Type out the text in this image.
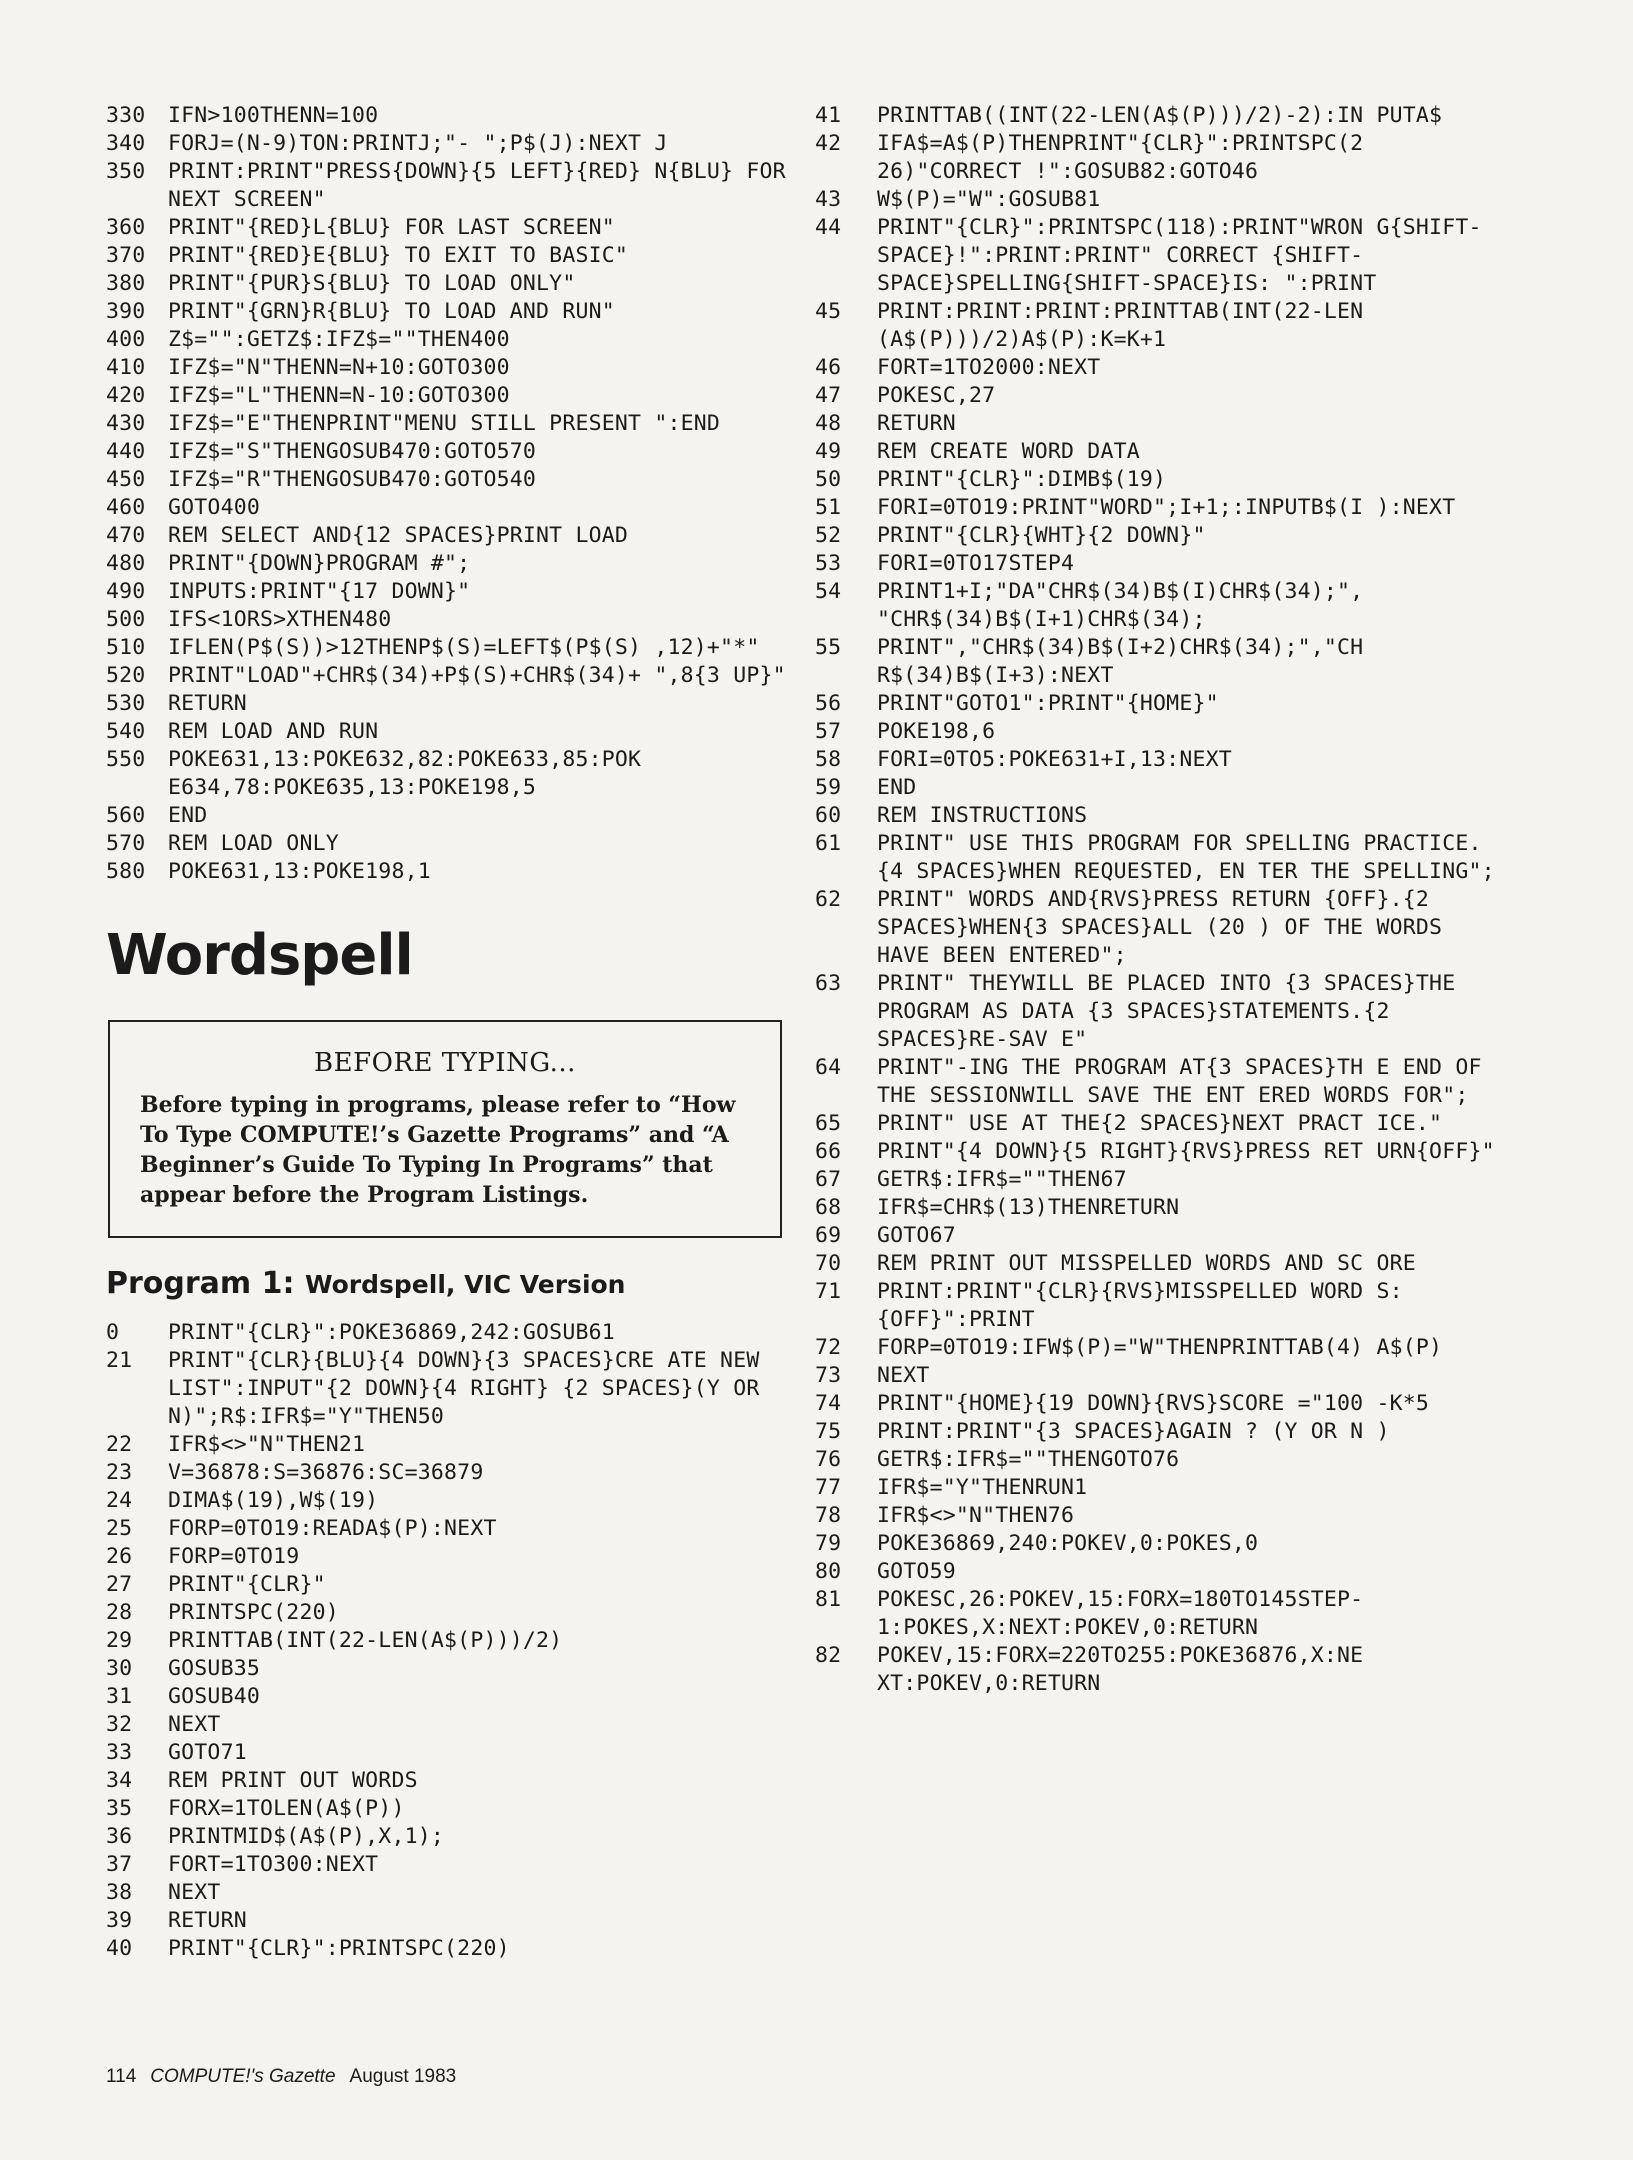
330 IFN>100THENN=100
340 FORJ=(N-9)TON:PRINTJ;"- ";P$(J):NEXT J
350 PRINT:PRINT"PRESS{DOWN}{5 LEFT}{RED} N{BLU} FOR NEXT SCREEN"
360 PRINT"{RED}L{BLU} FOR LAST SCREEN"
370 PRINT"{RED}E{BLU} TO EXIT TO BASIC"
380 PRINT"{PUR}S{BLU} TO LOAD ONLY"
390 PRINT"{GRN}R{BLU} TO LOAD AND RUN"
400 Z$="":GETZ$:IFZ$=""THEN400
410 IFZ$="N"THENN=N+10:GOTO300
420 IFZ$="L"THENN=N-10:GOTO300
430 IFZ$="E"THENPRINT"MENU STILL PRESENT ":END
440 IFZ$="S"THENGOSUB470:GOTO570
450 IFZ$="R"THENGOSUB470:GOTO540
460 GOTO400
470 REM SELECT AND{12 SPACES}PRINT LOAD
480 PRINT"{DOWN}PROGRAM #";
490 INPUTS:PRINT"{17 DOWN}"
500 IFS<1ORS>XTHEN480
510 IFLEN(P$(S))>12THENP$(S)=LEFT$(P$(S) ,12)+"*"
520 PRINT"LOAD"+CHR$(34)+P$(S)+CHR$(34)+ ",8{3 UP}"
530 RETURN
540 REM LOAD AND RUN
550 POKE631,13:POKE632,82:POKE633,85:POK E634,78:POKE635,13:POKE198,5
560 END
570 REM LOAD ONLY
580 POKE631,13:POKE198,1
Wordspell
BEFORE TYPING...
Before typing in programs, please refer to “How To Type COMPUTE!’s Gazette Programs” and “A Beginner’s Guide To Typing In Programs” that appear before the Program Listings.
Program 1: Wordspell, VIC Version
0 PRINT"{CLR}":POKE36869,242:GOSUB61
21 PRINT"{CLR}{BLU}{4 DOWN}{3 SPACES}CRE ATE NEW LIST":INPUT"{2 DOWN}{4 RIGHT} {2 SPACES}(Y OR N)";R$:IFR$="Y"THEN50
22 IFR$<>"N"THEN21
23 V=36878:S=36876:SC=36879
24 DIMA$(19),W$(19)
25 FORP=0TO19:READA$(P):NEXT
26 FORP=0TO19
27 PRINT"{CLR}"
28 PRINTSPC(220)
29 PRINTTAB(INT(22-LEN(A$(P)))/2)
30 GOSUB35
31 GOSUB40
32 NEXT
33 GOTO71
34 REM PRINT OUT WORDS
35 FORX=1TOLEN(A$(P))
36 PRINTMID$(A$(P),X,1);
37 FORT=1TO300:NEXT
38 NEXT
39 RETURN
40 PRINT"{CLR}":PRINTSPC(220)
41 PRINTTAB((INT(22-LEN(A$(P)))/2)-2):IN PUTA$
42 IFA$=A$(P)THENPRINT"{CLR}":PRINTSPC(2 26)"CORRECT !":GOSUB82:GOTO46
43 W$(P)="W":GOSUB81
44 PRINT"{CLR}":PRINTSPC(118):PRINT"WRON G{SHIFT-SPACE}!":PRINT:PRINT" CORRECT {SHIFT-SPACE}SPELLING{SHIFT-SPACE}IS: ":PRINT
45 PRINT:PRINT:PRINT:PRINTTAB(INT(22-LEN (A$(P)))/2)A$(P):K=K+1
46 FORT=1TO2000:NEXT
47 POKESC,27
48 RETURN
49 REM CREATE WORD DATA
50 PRINT"{CLR}":DIMB$(19)
51 FORI=0TO19:PRINT"WORD";I+1;:INPUTB$(I ):NEXT
52 PRINT"{CLR}{WHT}{2 DOWN}"
53 FORI=0TO17STEP4
54 PRINT1+I;"DA"CHR$(34)B$(I)CHR$(34);", "CHR$(34)B$(I+1)CHR$(34);
55 PRINT","CHR$(34)B$(I+2)CHR$(34);","CH R$(34)B$(I+3):NEXT
56 PRINT"GOTO1":PRINT"{HOME}"
57 POKE198,6
58 FORI=0TO5:POKE631+I,13:NEXT
59 END
60 REM INSTRUCTIONS
61 PRINT" USE THIS PROGRAM FOR SPELLING PRACTICE.{4 SPACES}WHEN REQUESTED, EN TER THE SPELLING";
62 PRINT" WORDS AND{RVS}PRESS RETURN {OFF}.{2 SPACES}WHEN{3 SPACES}ALL (20 ) OF THE WORDS HAVE BEEN ENTERED";
63 PRINT" THEYWILL BE PLACED INTO {3 SPACES}THE PROGRAM AS DATA {3 SPACES}STATEMENTS.{2 SPACES}RE-SAV E"
64 PRINT"-ING THE PROGRAM AT{3 SPACES}TH E END OF THE SESSIONWILL SAVE THE ENT ERED WORDS FOR";
65 PRINT" USE AT THE{2 SPACES}NEXT PRACT ICE."
66 PRINT"{4 DOWN}{5 RIGHT}{RVS}PRESS RET URN{OFF}"
67 GETR$:IFR$=""THEN67
68 IFR$=CHR$(13)THENRETURN
69 GOTO67
70 REM PRINT OUT MISSPELLED WORDS AND SC ORE
71 PRINT:PRINT"{CLR}{RVS}MISSPELLED WORD S:{OFF}":PRINT
72 FORP=0TO19:IFW$(P)="W"THENPRINTTAB(4) A$(P)
73 NEXT
74 PRINT"{HOME}{19 DOWN}{RVS}SCORE ="100 -K*5
75 PRINT:PRINT"{3 SPACES}AGAIN ? (Y OR N )
76 GETR$:IFR$=""THENGOTO76
77 IFR$="Y"THENRUN1
78 IFR$<>"N"THEN76
79 POKE36869,240:POKEV,0:POKES,0
80 GOTO59
81 POKESC,26:POKEV,15:FORX=180TO145STEP- 1:POKES,X:NEXT:POKEV,0:RETURN
82 POKEV,15:FORX=220TO255:POKE36876,X:NE XT:POKEV,0:RETURN
114 COMPUTE!'s Gazette August 1983
